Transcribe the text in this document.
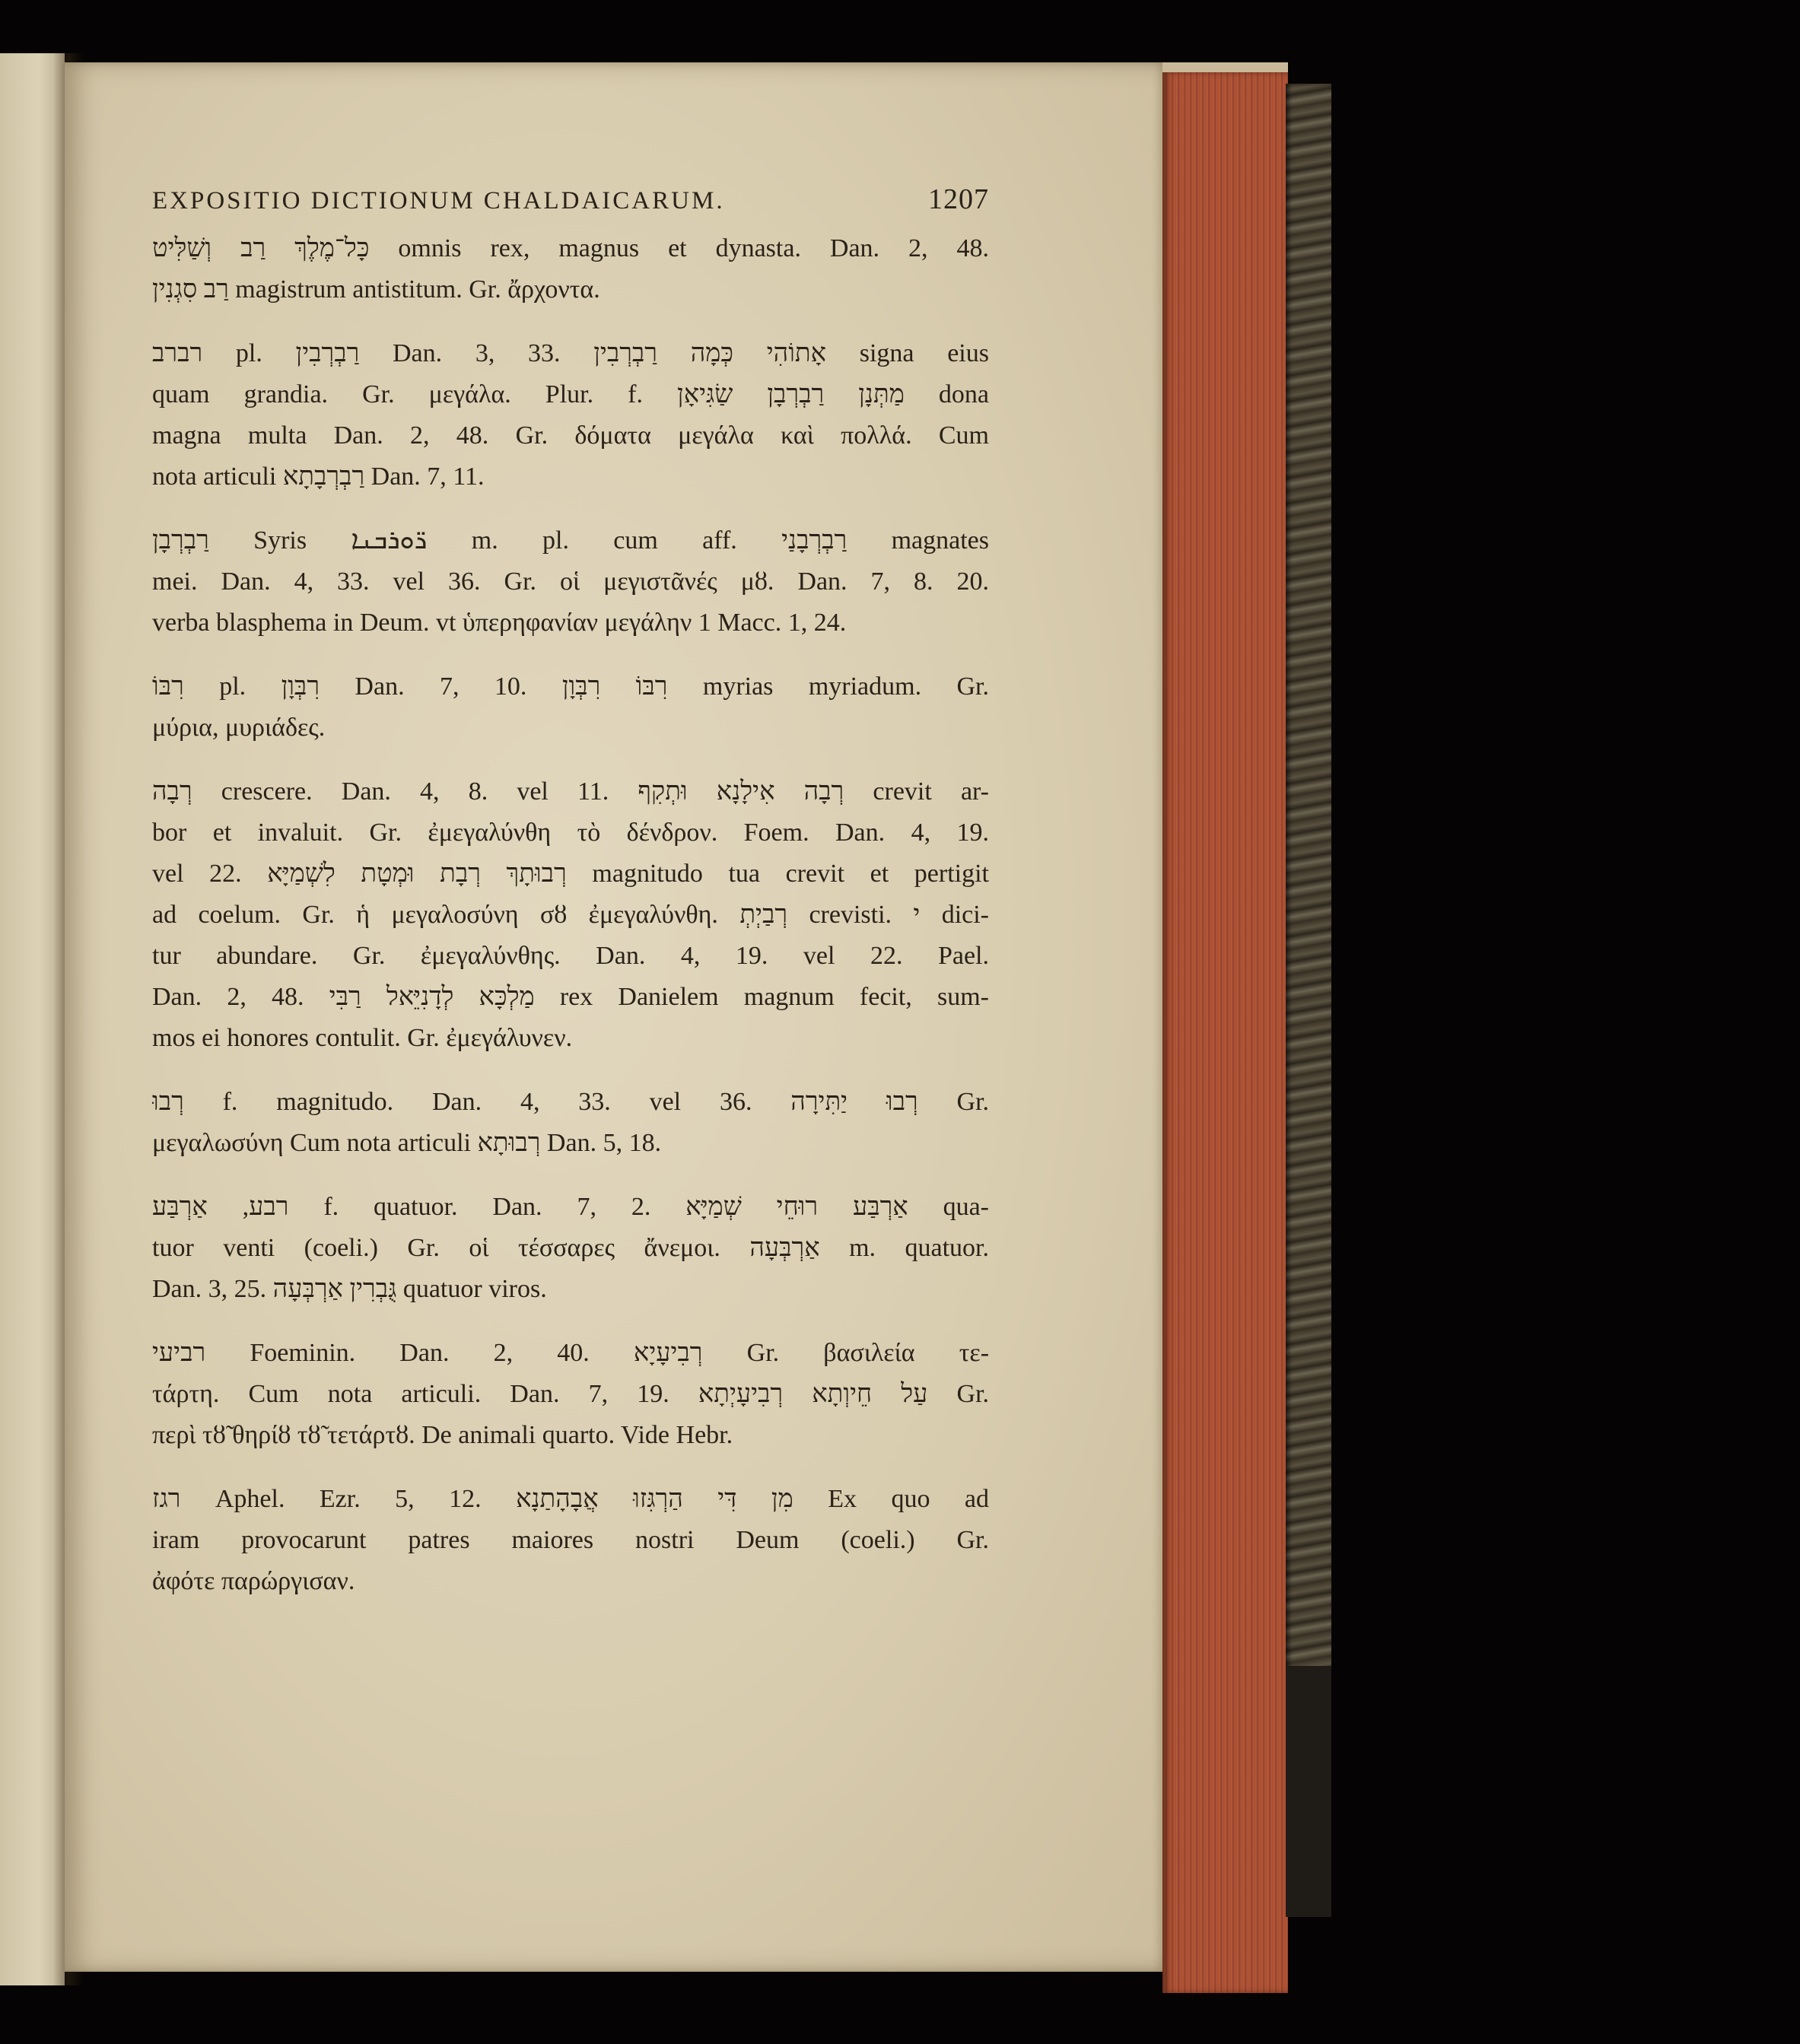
EXPOSITIO DICTIONUM CHALDAICARUM.	1207
כָּל־מֶלֶךְ רַב וְשַׁלִּיט omnis rex, magnus et dynasta. Dan. 2, 48.
רַב סִגְנִין magistrum antistitum. Gr. ἄρχοντα.
רברב pl. רַבְרְבִין Dan. 3, 33. אָתוֹהִי כְּמָה רַבְרְבִין signa eius
quam grandia. Gr. μεγάλα. Plur. f. מַתְּנָן רַבְרְבָן שַׂגִּיאָן dona
magna multa Dan. 2, 48. Gr. δόματα μεγάλα καὶ πολλά. Cum
nota articuli רַבְרְבָתָא Dan. 7, 11.
רַבְרְבָן Syris ܪ̈ܘܪܒܢܐ m. pl. cum aff. רַבְרְבָנַי magnates
mei. Dan. 4, 33. vel 36. Gr. οἱ μεγιστᾶνές μȣ. Dan. 7, 8. 20.
verba blasphema in Deum. vt ὑπερηφανίαν μεγάλην 1 Macc. 1, 24.
רִבּוֹ pl. רִבְּוָן Dan. 7, 10. רִבּוֹ רִבְּוָן myrias myriadum. Gr.
μύρια, μυριάδες.
רְבָה crescere. Dan. 4, 8. vel 11. רְבָה אִילָנָא וּתְקִף crevit ar-
bor et invaluit. Gr. ἐμεγαλύνθη τὸ δένδρον. Foem. Dan. 4, 19.
vel 22. רְבוּתָךְ רְבָת וּמְטָת לִשְׁמַיָּא magnitudo tua crevit et pertigit
ad coelum. Gr. ἡ μεγαλοσύνη σȣ ἐμεγαλύνθη. רְבַיְתְ crevisti. י dici-
tur abundare. Gr. ἐμεγαλύνθης. Dan. 4, 19. vel 22. Pael.
Dan. 2, 48. מַלְכָּא לְדָנִיֵּאל רַבִּי rex Danielem magnum fecit, sum-
mos ei honores contulit. Gr. ἐμεγάλυνεν.
רְבוּ f. magnitudo. Dan. 4, 33. vel 36. רְבוּ יַתִּירָה Gr.
μεγαλωσύνη Cum nota articuli רְבוּתָא Dan. 5, 18.
רבע, אַרְבַּע f. quatuor. Dan. 7, 2. אַרְבַּע רוּחֵי שְׁמַיָּא qua-
tuor venti (coeli.) Gr. οἱ τέσσαρες ἄνεμοι. אַרְבְּעָה m. quatuor.
Dan. 3, 25. גֻּבְרִין אַרְבְּעָה quatuor viros.
רביעי Foeminin. Dan. 2, 40. רְבִיעָיָא Gr. βασιλεία τε-
τάρτη. Cum nota articuli. Dan. 7, 19. עַל חֵיוְתָא רְבִיעָיְתָא Gr.
περὶ τȣ̃ θηρίȣ τȣ̃ τετάρτȣ. De animali quarto. Vide Hebr.
רגז Aphel. Ezr. 5, 12. מִן דִּי הַרְגִּזוּ אֲבָהָתַנָא Ex quo ad
iram provocarunt patres maiores nostri Deum (coeli.) Gr.
ἀφότε παρώργισαν.
